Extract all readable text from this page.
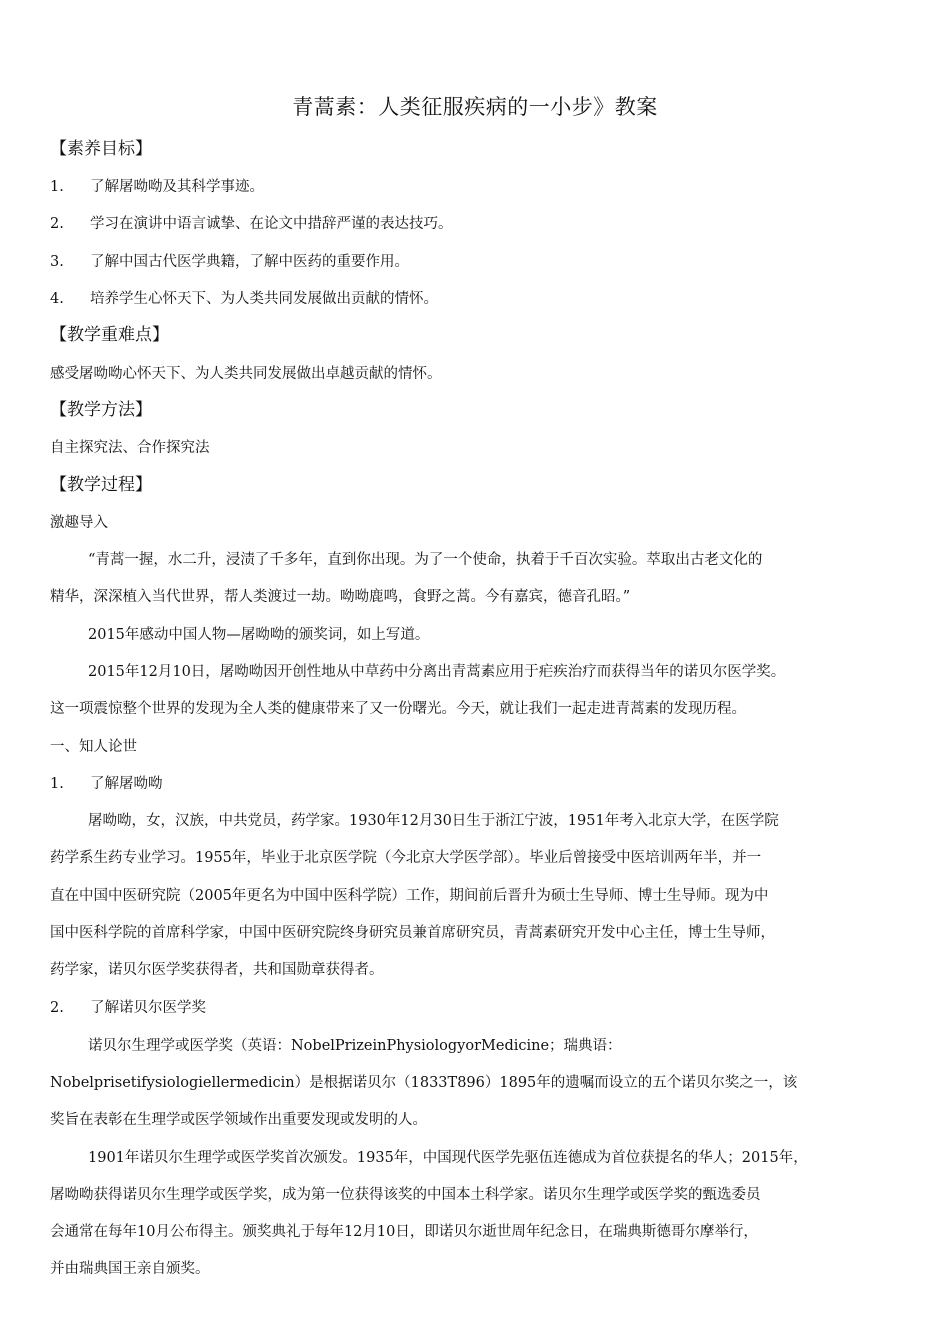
青蒿素：人类征服疾病的一小步》教案
【素养目标】
1. 了解屠呦呦及其科学事迹。
2. 学习在演讲中语言诚挚、在论文中措辞严谨的表达技巧。
3. 了解中国古代医学典籍，了解中医药的重要作用。
4. 培养学生心怀天下、为人类共同发展做出贡献的情怀。
【教学重难点】
感受屠呦呦心怀天下、为人类共同发展做出卓越贡献的情怀。
【教学方法】
自主探究法、合作探究法
【教学过程】
激趣导入
“青蒿一握，水二升，浸渍了千多年，直到你出现。为了一个使命，执着于千百次实验。萃取出古老文化的
精华，深深植入当代世界，帮人类渡过一劫。呦呦鹿鸣，食野之蒿。今有嘉宾，德音孔昭。”
2015年感动中国人物—屠呦呦的颁奖词，如上写道。
2015年12月10日，屠呦呦因开创性地从中草药中分离出青蒿素应用于疟疾治疗而获得当年的诺贝尔医学奖。
这一项震惊整个世界的发现为全人类的健康带来了又一份曙光。今天，就让我们一起走进青蒿素的发现历程。
一、知人论世
1. 了解屠呦呦
屠呦呦，女，汉族，中共党员，药学家。1930年12月30日生于浙江宁波，1951年考入北京大学，在医学院
药学系生药专业学习。1955年，毕业于北京医学院（今北京大学医学部）。毕业后曾接受中医培训两年半，并一
直在中国中医研究院（2005年更名为中国中医科学院）工作，期间前后晋升为硕士生导师、博士生导师。现为中
国中医科学院的首席科学家，中国中医研究院终身研究员兼首席研究员，青蒿素研究开发中心主任，博士生导师，
药学家，诺贝尔医学奖获得者，共和国勋章获得者。
2. 了解诺贝尔医学奖
诺贝尔生理学或医学奖（英语：NobelPrizeinPhysiologyorMedicine；瑞典语：
Nobelprisetifysiologiellermedicin）是根据诺贝尔（1833T896）1895年的遗嘱而设立的五个诺贝尔奖之一，该
奖旨在表彰在生理学或医学领域作出重要发现或发明的人。
1901年诺贝尔生理学或医学奖首次颁发。1935年，中国现代医学先驱伍连德成为首位获提名的华人；2015年，
屠呦呦获得诺贝尔生理学或医学奖，成为第一位获得该奖的中国本土科学家。诺贝尔生理学或医学奖的甄选委员
会通常在每年10月公布得主。颁奖典礼于每年12月10日，即诺贝尔逝世周年纪念日，在瑞典斯德哥尔摩举行，
并由瑞典国王亲自颁奖。
